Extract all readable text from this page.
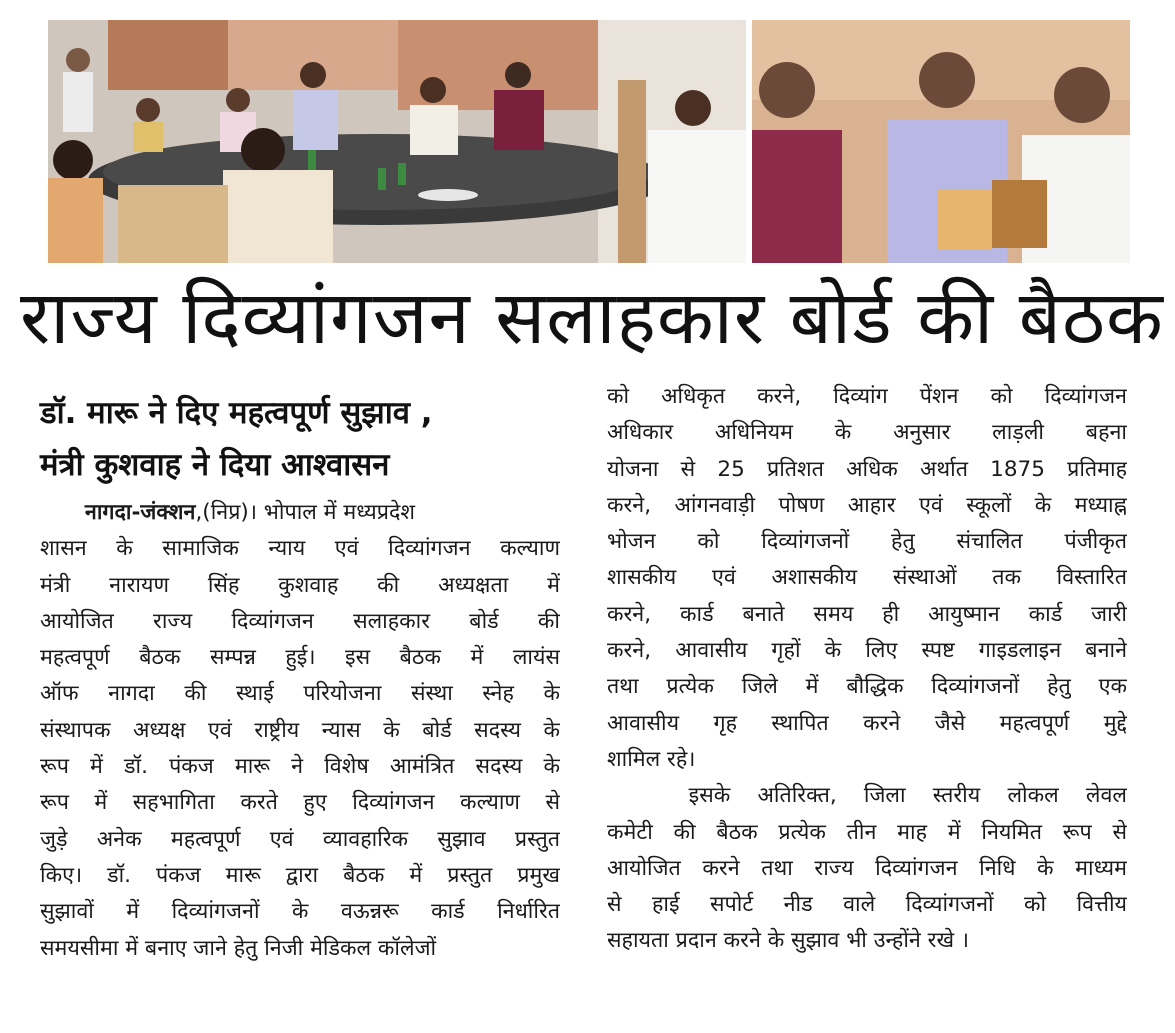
राज्य दिव्यांगजन सलाहकार बोर्ड की बैठक
डॉ. मारू ने दिए महत्वपूर्ण सुझाव ,
मंत्री कुशवाह ने दिया आश्वासन
नागदा-जंक्शन,(निप्र)। भोपाल में मध्यप्रदेश
शासन के सामाजिक न्याय एवं दिव्यांगजन कल्याण
मंत्री नारायण सिंह कुशवाह की अध्यक्षता में
आयोजित राज्य दिव्यांगजन सलाहकार बोर्ड की
महत्वपूर्ण बैठक सम्पन्न हुई। इस बैठक में लायंस
ऑफ नागदा की स्थाई परियोजना संस्था स्नेह के
संस्थापक अध्यक्ष एवं राष्ट्रीय न्यास के बोर्ड सदस्य के
रूप में डॉ. पंकज मारू ने विशेष आमंत्रित सदस्य के
रूप में सहभागिता करते हुए दिव्यांगजन कल्याण से
जुड़े अनेक महत्वपूर्ण एवं व्यावहारिक सुझाव प्रस्तुत
किए। डॉ. पंकज मारू द्वारा बैठक में प्रस्तुत प्रमुख
सुझावों में दिव्यांगजनों के वऊन्नरू कार्ड निर्धारित
समयसीमा में बनाए जाने हेतु निजी मेडिकल कॉलेजों
को अधिकृत करने, दिव्यांग पेंशन को दिव्यांगजन
अधिकार अधिनियम के अनुसार लाड़ली बहना
योजना से 25 प्रतिशत अधिक अर्थात 1875 प्रतिमाह
करने, आंगनवाड़ी पोषण आहार एवं स्कूलों के मध्याह्न
भोजन को दिव्यांगजनों हेतु संचालित पंजीकृत
शासकीय एवं अशासकीय संस्थाओं तक विस्तारित
करने, कार्ड बनाते समय ही आयुष्मान कार्ड जारी
करने, आवासीय गृहों के लिए स्पष्ट गाइडलाइन बनाने
तथा प्रत्येक जिले में बौद्धिक दिव्यांगजनों हेतु एक
आवासीय गृह स्थापित करने जैसे महत्वपूर्ण मुद्दे
शामिल रहे।
इसके  अतिरिक्त,  जिला  स्तरीय  लोकल  लेवल
कमेटी की बैठक प्रत्येक तीन माह में नियमित रूप से
आयोजित करने तथा राज्य दिव्यांगजन निधि के माध्यम
से हाई सपोर्ट नीड वाले दिव्यांगजनों को वित्तीय
सहायता प्रदान करने के सुझाव भी उन्होंने रखे ।
